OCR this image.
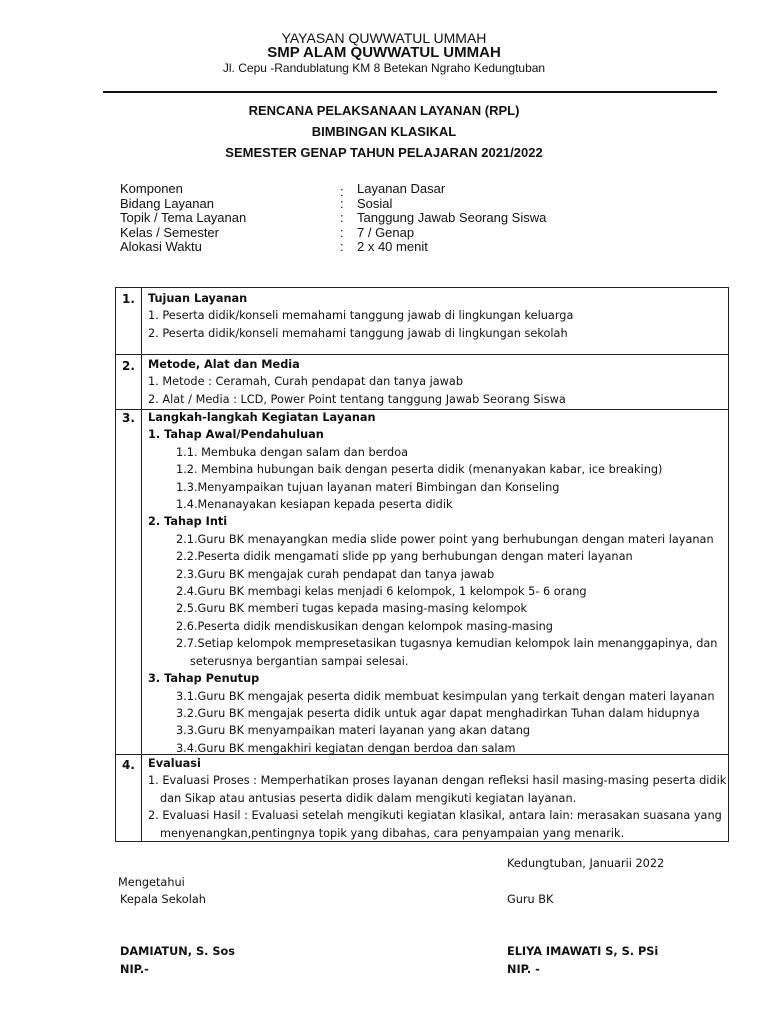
YAYASAN QUWWATUL UMMAH
SMP ALAM QUWWATUL UMMAH
Jl. Cepu -Randublatung KM 8 Betekan Ngraho Kedungtuban
RENCANA PELAKSANAAN LAYANAN (RPL)
BIMBINGAN KLASIKAL
SEMESTER GENAP TAHUN PELAJARAN 2021/2022
Komponen	: Layanan Dasar
Bidang Layanan	: Sosial
Topik / Tema Layanan	: Tanggung Jawab Seorang Siswa
Kelas / Semester	: 7 / Genap
Alokasi Waktu	: 2 x 40 menit
1.	Tujuan Layanan
1. Peserta didik/konseli memahami tanggung jawab di lingkungan keluarga
2. Peserta didik/konseli memahami tanggung jawab di lingkungan sekolah
2.	Metode, Alat dan Media
1. Metode : Ceramah, Curah pendapat dan tanya jawab
2. Alat / Media : LCD, Power Point tentang tanggung Jawab Seorang Siswa
3.	Langkah-langkah Kegiatan Layanan
1. Tahap Awal/Pendahuluan
1.1. Membuka dengan salam dan berdoa
1.2. Membina hubungan baik dengan peserta didik (menanyakan kabar, ice breaking)
1.3.Menyampaikan tujuan layanan materi Bimbingan dan Konseling
1.4.Menanayakan kesiapan kepada peserta didik
2. Tahap Inti
2.1.Guru BK menayangkan media slide power point yang berhubungan dengan materi layanan
2.2.Peserta didik mengamati slide pp yang berhubungan dengan materi layanan
2.3.Guru BK mengajak curah pendapat dan tanya jawab
2.4.Guru BK membagi kelas menjadi 6 kelompok, 1 kelompok 5- 6 orang
2.5.Guru BK memberi tugas kepada masing-masing kelompok
2.6.Peserta didik mendiskusikan dengan kelompok masing-masing
2.7.Setiap kelompok mempresetasikan tugasnya kemudian kelompok lain menanggapinya, dan
seterusnya bergantian sampai selesai.
3. Tahap Penutup
3.1.Guru BK mengajak peserta didik membuat kesimpulan yang terkait dengan materi layanan
3.2.Guru BK mengajak peserta didik untuk agar dapat menghadirkan Tuhan dalam hidupnya
3.3.Guru BK menyampaikan materi layanan yang akan datang
3.4.Guru BK mengakhiri kegiatan dengan berdoa dan salam
4.	Evaluasi
1. Evaluasi Proses : Memperhatikan proses layanan dengan refleksi hasil masing-masing peserta didik
dan Sikap atau antusias peserta didik dalam mengikuti kegiatan layanan.
2. Evaluasi Hasil : Evaluasi setelah mengikuti kegiatan klasikal, antara lain: merasakan suasana yang
menyenangkan,pentingnya topik yang dibahas, cara penyampaian yang menarik.
Kedungtuban, Januarii 2022
Mengetahui
Kepala Sekolah	Guru BK
DAMIATUN, S. Sos
NIP.-
ELIYA IMAWATI S, S. PSi
NIP. -
